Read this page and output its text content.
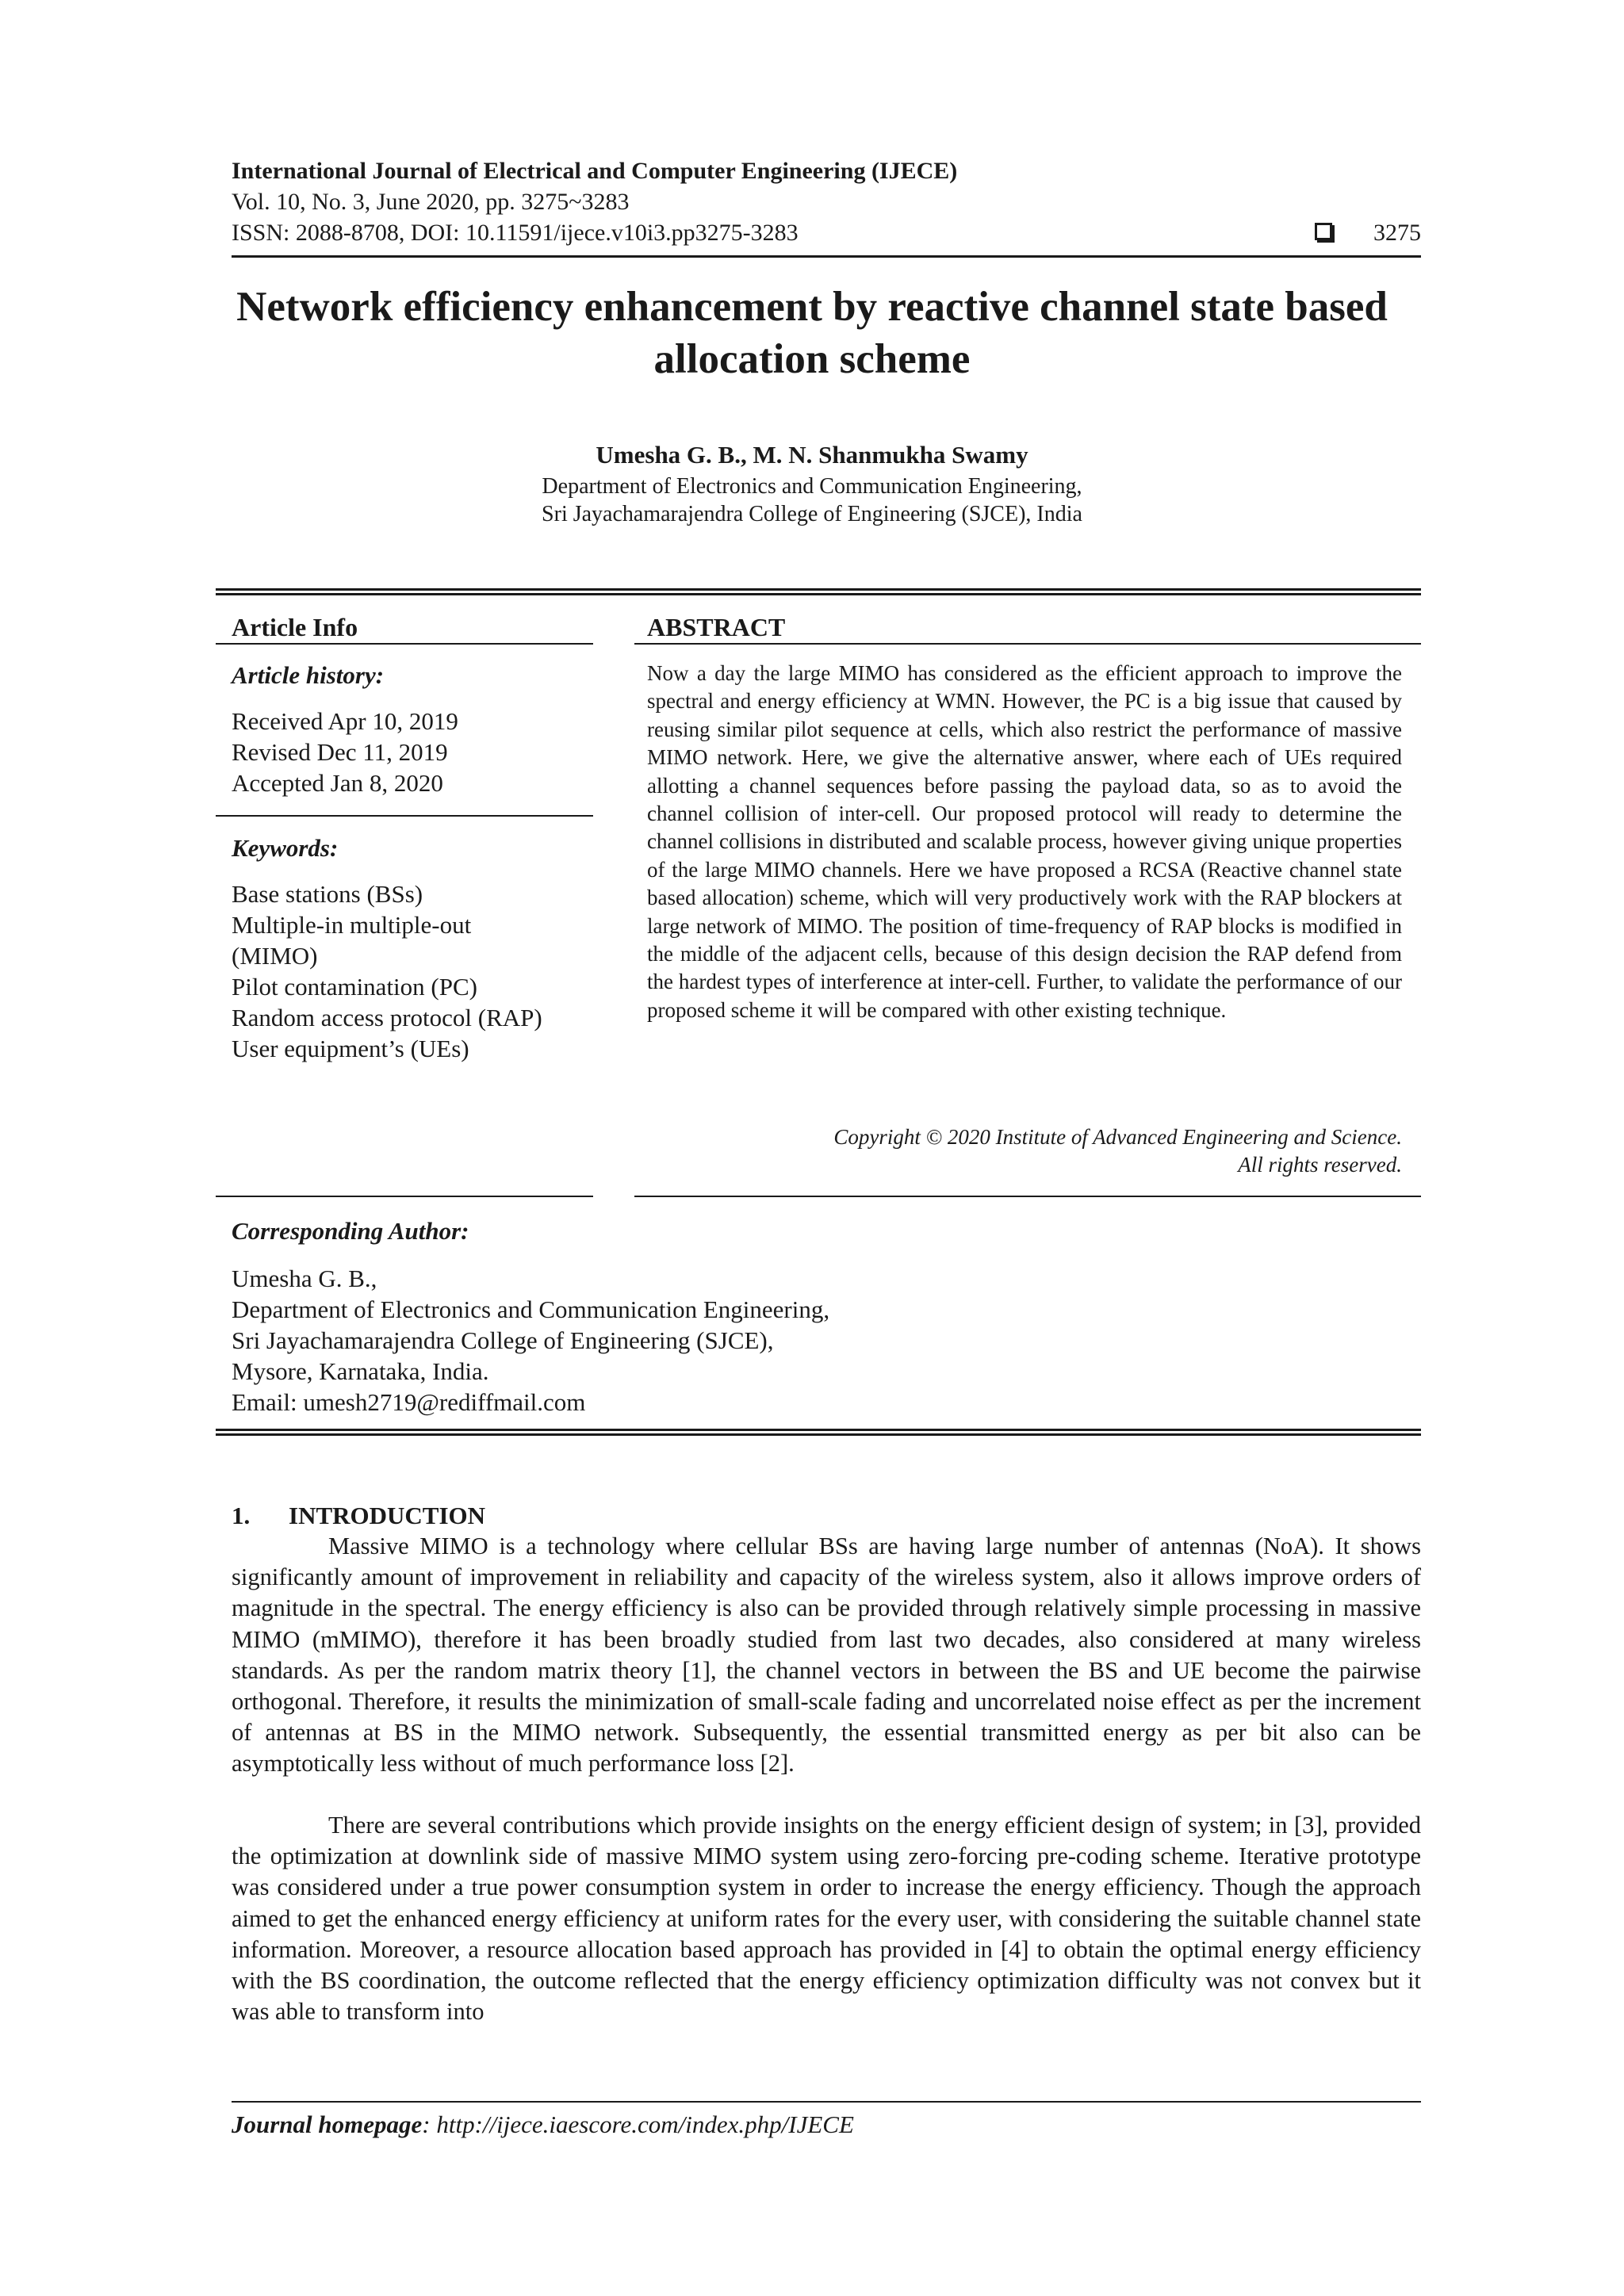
International Journal of Electrical and Computer Engineering (IJECE)
Vol. 10, No. 3, June 2020, pp. 3275~3283
ISSN: 2088-8708, DOI: 10.11591/ijece.v10i3.pp3275-3283	3275
Network efficiency enhancement by reactive channel state based allocation scheme
Umesha G. B., M. N. Shanmukha Swamy
Department of Electronics and Communication Engineering,
Sri Jayachamarajendra College of Engineering (SJCE), India
Article Info
Article history:
Received Apr 10, 2019
Revised Dec 11, 2019
Accepted Jan 8, 2020
Keywords:
Base stations (BSs)
Multiple-in multiple-out
(MIMO)
Pilot contamination (PC)
Random access protocol (RAP)
User equipment’s (UEs)
ABSTRACT
Now a day the large MIMO has considered as the efficient approach to improve the spectral and energy efficiency at WMN. However, the PC is a big issue that caused by reusing similar pilot sequence at cells, which also restrict the performance of massive MIMO network. Here, we give the alternative answer, where each of UEs required allotting a channel sequences before passing the payload data, so as to avoid the channel collision of inter-cell. Our proposed protocol will ready to determine the channel collisions in distributed and scalable process, however giving unique properties of the large MIMO channels. Here we have proposed a RCSA (Reactive channel state based allocation) scheme, which will very productively work with the RAP blockers at large network of MIMO. The position of time-frequency of RAP blocks is modified in the middle of the adjacent cells, because of this design decision the RAP defend from the hardest types of interference at inter-cell. Further, to validate the performance of our proposed scheme it will be compared with other existing technique.
Copyright © 2020 Institute of Advanced Engineering and Science.
All rights reserved.
Corresponding Author:
Umesha G. B.,
Department of Electronics and Communication Engineering,
Sri Jayachamarajendra College of Engineering (SJCE),
Mysore, Karnataka, India.
Email: umesh2719@rediffmail.com
1. INTRODUCTION

Massive MIMO is a technology where cellular BSs are having large number of antennas (NoA). It shows significantly amount of improvement in reliability and capacity of the wireless system, also it allows improve orders of magnitude in the spectral. The energy efficiency is also can be provided through relatively simple processing in massive MIMO (mMIMO), therefore it has been broadly studied from last two decades, also considered at many wireless standards. As per the random matrix theory [1], the channel vectors in between the BS and UE become the pairwise orthogonal. Therefore, it results the minimization of small-scale fading and uncorrelated noise effect as per the increment of antennas at BS in the MIMO network. Subsequently, the essential transmitted energy as per bit also can be asymptotically less without of much performance loss [2].

There are several contributions which provide insights on the energy efficient design of system; in [3], provided the optimization at downlink side of massive MIMO system using zero-forcing pre-coding scheme. Iterative prototype was considered under a true power consumption system in order to increase the energy efficiency. Though the approach aimed to get the enhanced energy efficiency at uniform rates for the every user, with considering the suitable channel state information. Moreover, a resource allocation based approach has provided in [4] to obtain the optimal energy efficiency with the BS coordination, the outcome reflected that the energy efficiency optimization difficulty was not convex but it was able to transform into

Journal homepage: http://ijece.iaescore.com/index.php/IJECE
